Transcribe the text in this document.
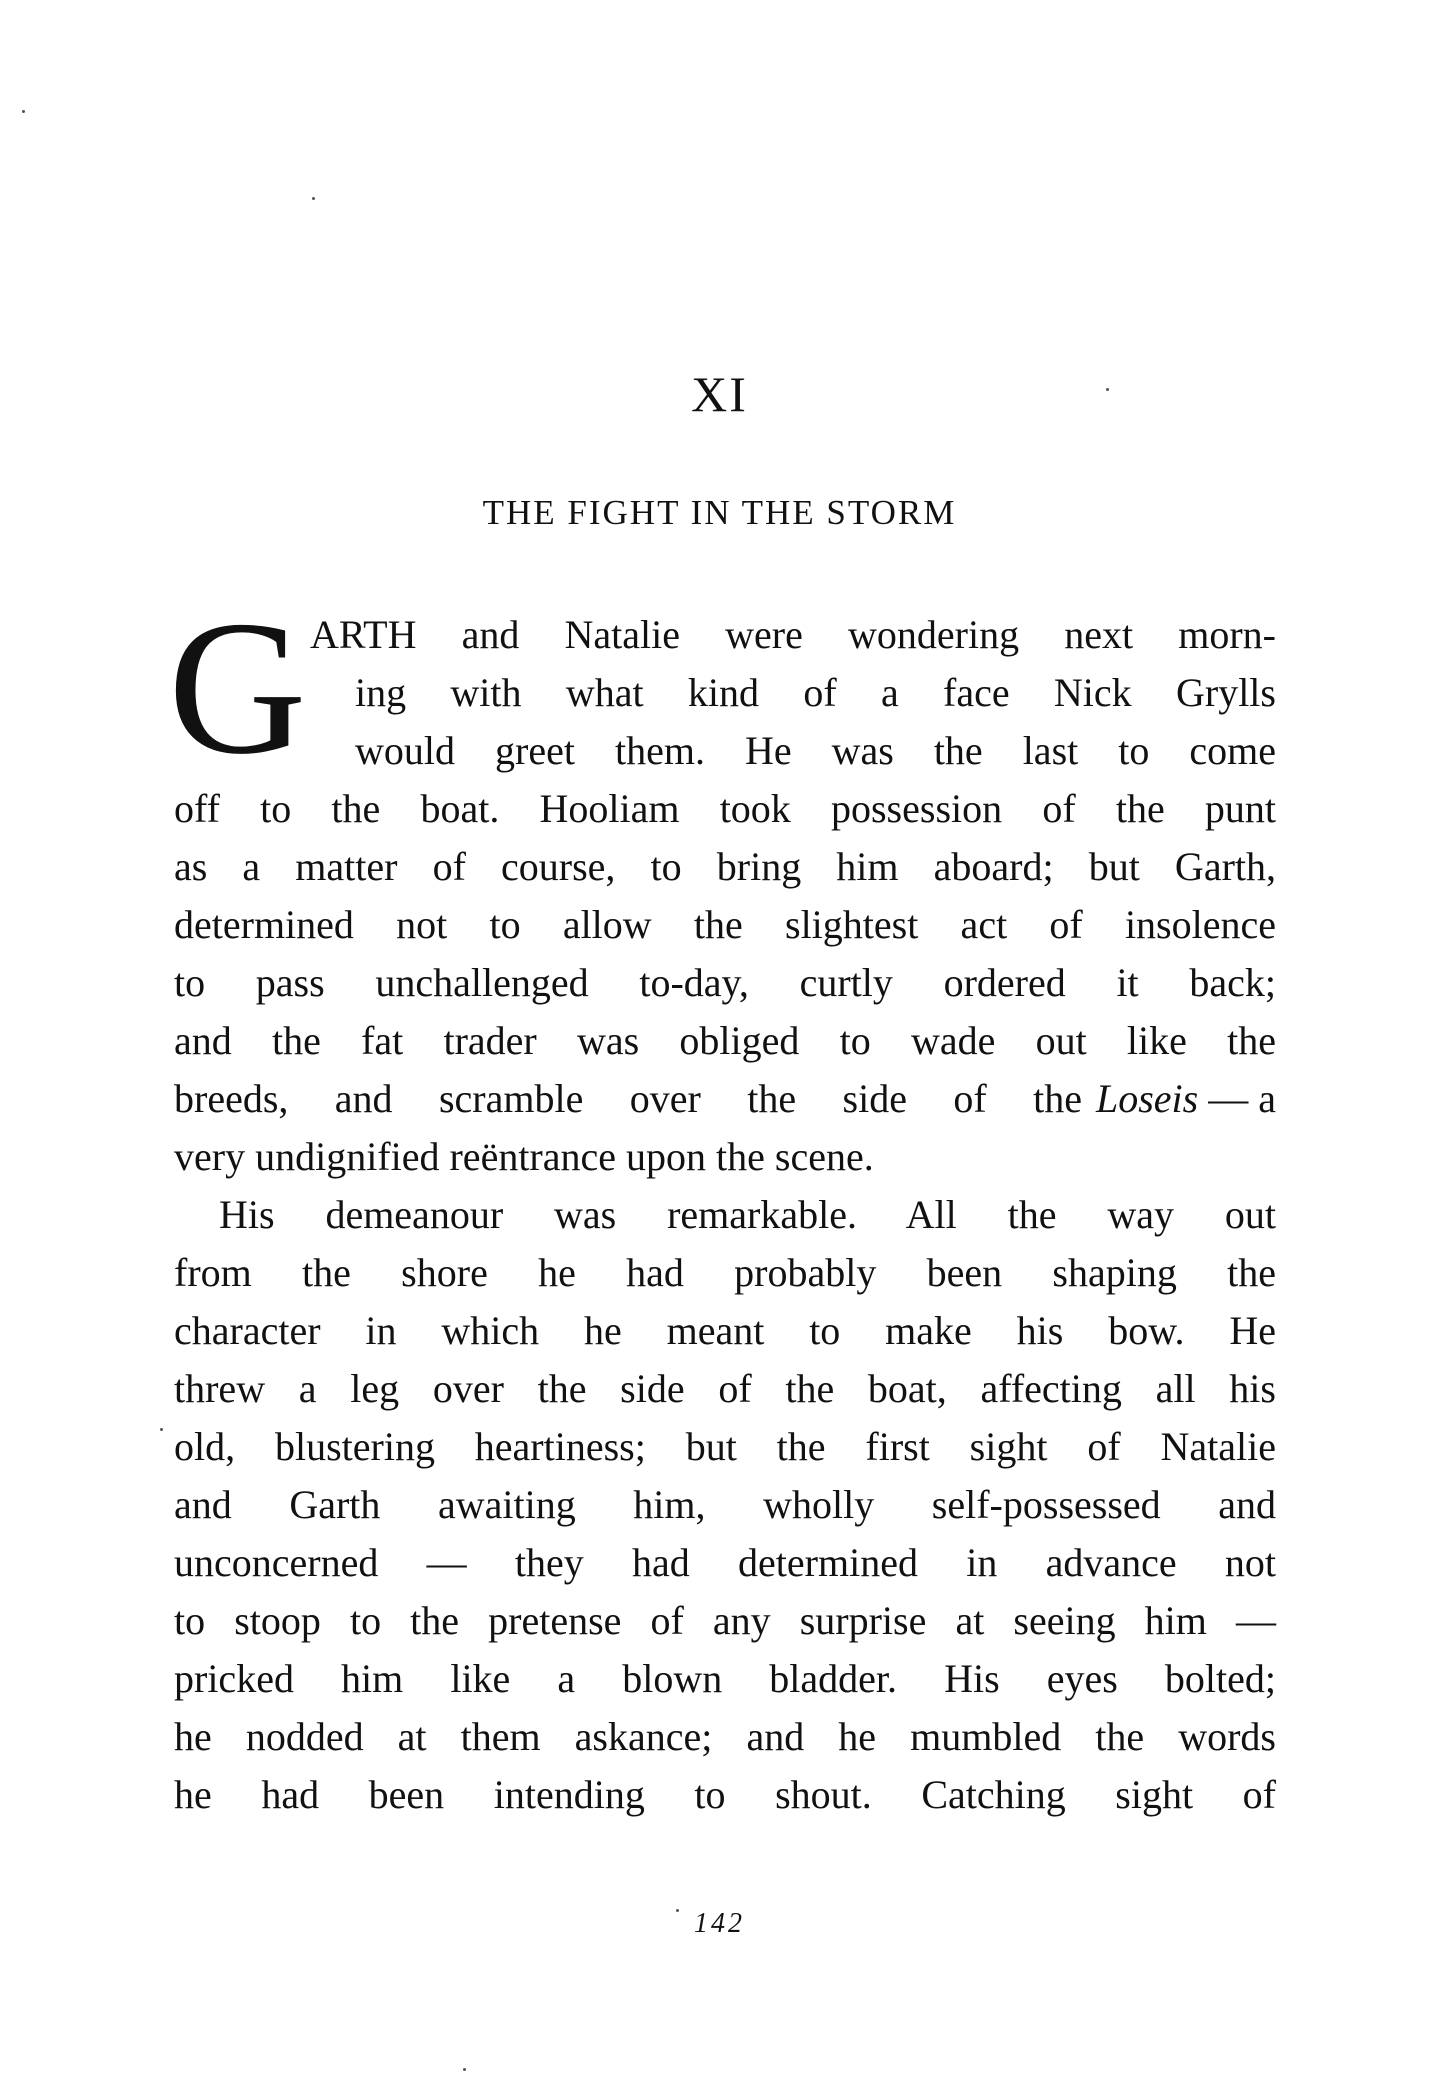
XI
THE FIGHT IN THE STORM
G ARTH and Natalie were wondering next morn-
ing with what kind of a face Nick Grylls
would greet them. He was the last to come
off to the boat. Hooliam took possession of the punt
as a matter of course, to bring him aboard; but Garth,
determined not to allow the slightest act of insolence
to pass unchallenged to-day, curtly ordered it back;
and the fat trader was obliged to wade out like the
breeds, and scramble over the side of the Loseis — a
very undignified reëntrance upon the scene.
His demeanour was remarkable. All the way out
from the shore he had probably been shaping the
character in which he meant to make his bow. He
threw a leg over the side of the boat, affecting all his
old, blustering heartiness; but the first sight of Natalie
and Garth awaiting him, wholly self-possessed and
unconcerned — they had determined in advance not
to stoop to the pretense of any surprise at seeing him —
pricked him like a blown bladder. His eyes bolted;
he nodded at them askance; and he mumbled the words
he had been intending to shout. Catching sight of
142
